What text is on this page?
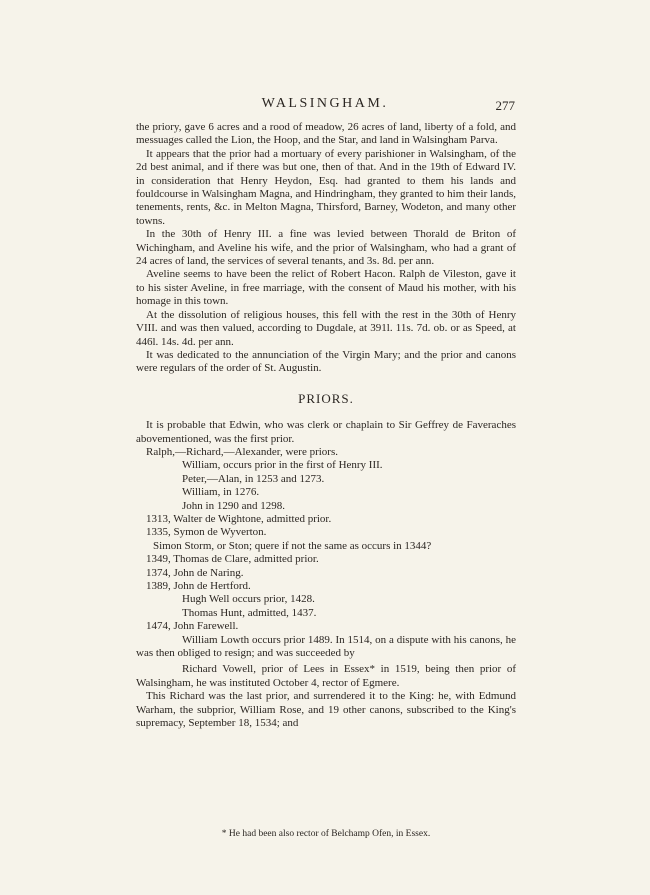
WALSINGHAM.	277

the priory, gave 6 acres and a rood of meadow, 26 acres of land, liberty of a fold, and messuages called the Lion, the Hoop, and the Star, and land in Walsingham Parva.

It appears that the prior had a mortuary of every parishioner in Walsingham, of the 2d best animal, and if there was but one, then of that. And in the 19th of Edward IV. in consideration that Henry Heydon, Esq. had granted to them his lands and fouldcourse in Walsingham Magna, and Hindringham, they granted to him their lands, tenements, rents, &c. in Melton Magna, Thirsford, Barney, Wodeton, and many other towns.

In the 30th of Henry III. a fine was levied between Thorald de Briton of Wichingham, and Aveline his wife, and the prior of Walsingham, who had a grant of 24 acres of land, the services of several tenants, and 3s. 8d. per ann.

Aveline seems to have been the relict of Robert Hacon. Ralph de Vileston, gave it to his sister Aveline, in free marriage, with the consent of Maud his mother, with his homage in this town.

At the dissolution of religious houses, this fell with the rest in the 30th of Henry VIII. and was then valued, according to Dugdale, at 391l. 11s. 7d. ob. or as Speed, at 446l. 14s. 4d. per ann.

It was dedicated to the annunciation of the Virgin Mary; and the prior and canons were regulars of the order of St. Augustin.

PRIORS.

It is probable that Edwin, who was clerk or chaplain to Sir Geffrey de Faveraches abovementioned, was the first prior.

Ralph,—Richard,—Alexander, were priors.

William, occurs prior in the first of Henry III.

Peter,—Alan, in 1253 and 1273.

William, in 1276.

John in 1290 and 1298.

1313, Walter de Wightone, admitted prior.

1335, Symon de Wyverton.

Simon Storm, or Ston; quere if not the same as occurs in 1344?

1349, Thomas de Clare, admitted prior.

1374, John de Naring.

1389, John de Hertford.

Hugh Well occurs prior, 1428.

Thomas Hunt, admitted, 1437.

1474, John Farewell.

William Lowth occurs prior 1489. In 1514, on a dispute with his canons, he was then obliged to resign; and was succeeded by

Richard Vowell, prior of Lees in Essex* in 1519, being then prior of Walsingham, he was instituted October 4, rector of Egmere.

This Richard was the last prior, and surrendered it to the King: he, with Edmund Warham, the subprior, William Rose, and 19 other canons, subscribed to the King's supremacy, September 18, 1534; and

* He had been also rector of Belchamp Ofen, in Essex.
